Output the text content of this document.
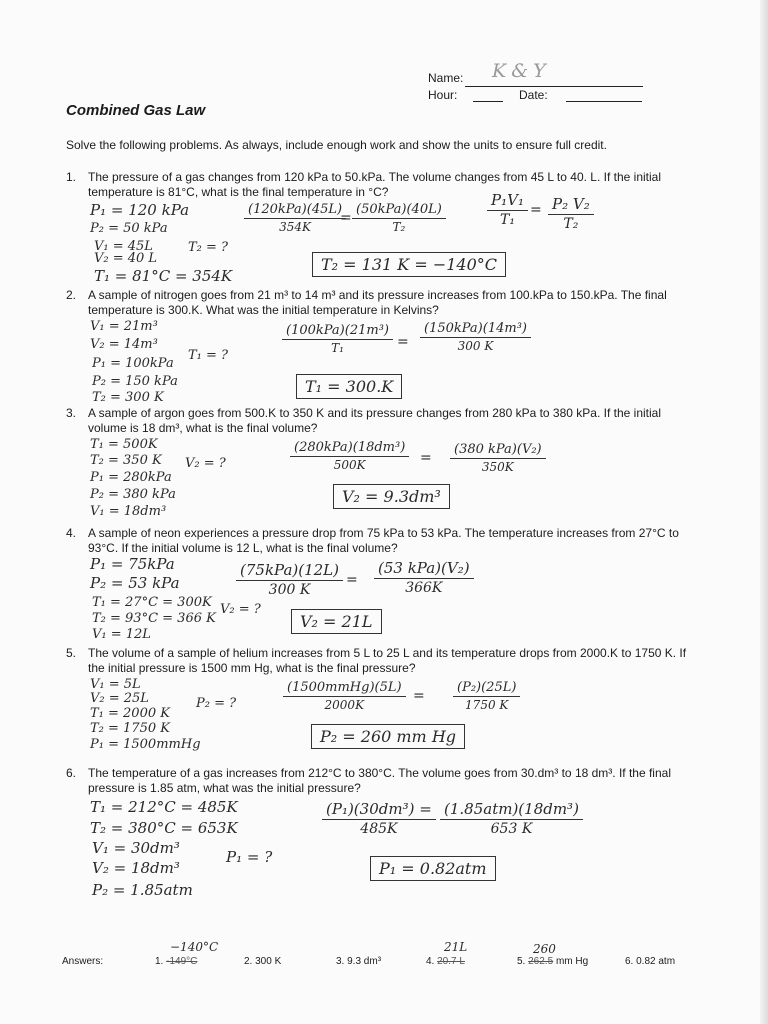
Name: K&Y
Hour:	Date:
Combined Gas Law
Solve the following problems. As always, include enough work and show the units to ensure full credit.
1. The pressure of a gas changes from 120 kPa to 50.kPa. The volume changes from 45 L to 40. L. If the initial temperature is 81°C, what is the final temperature in °C?
P₁ = 120 kPa
P₂ = 50 kPa
V₁ = 45L
V₂ = 40 L
T₁ = 81°C = 354K
T₂ = ?
(120kPa)(45L)
354K
=
(50kPa)(40L)
T₂	$\frac{\text{P₁V₁}}{\text{T₁}} = \frac{\text{P₂ V₂}}{\text{T₂}}$
T₂ = 131 K = −140°C
2. A sample of nitrogen goes from 21 m³ to 14 m³ and its pressure increases from 100.kPa to 150.kPa. The final temperature is 300.K. What was the initial temperature in Kelvins?
V₁ = 21m³
V₂ = 14m³
P₁ = 100kPa
P₂ = 150 kPa
T₂ = 300 K
T₁ = ?
(100kPa)(21m³)
T₁	=
(150kPa)(14m³)
300 K
T₁ = 300.K
3. A sample of argon goes from 500.K to 350 K and its pressure changes from 280 kPa to 380 kPa. If the initial volume is 18 dm³, what is the final volume?
T₁ = 500K
T₂ = 350 K
P₁ = 280kPa
P₂ = 380 kPa
V₁ = 18dm³
V₂ = ?
(280kPa)(18dm³)
500K	=
(380 kPa)(V₂)
350K
V₂ = 9.3dm³
4. A sample of neon experiences a pressure drop from 75 kPa to 53 kPa. The temperature increases from 27°C to 93°C. If the initial volume is 12 L, what is the final volume?
P₁ = 75kPa
P₂ = 53 kPa
T₁ = 27°C = 300K
T₂ = 93°C = 366 K
V₁ = 12L
V₂ = ?
(75kPa)(12L)
300 K
=
(53 kPa)(V₂)
366K
V₂ = 21L
5. The volume of a sample of helium increases from 5 L to 25 L and its temperature drops from 2000.K to 1750 K. If the initial pressure is 1500 mm Hg, what is the final pressure?
V₁ = 5L
V₂ = 25L
T₁ = 2000 K
T₂ = 1750 K
P₁ = 1500mmHg
P₂ = ?
(1500mmHg)(5L)
2000K
= $\frac{\text{(P₂)(25L)}}{1750 K}$
P₂ = 260 mm Hg
6. The temperature of a gas increases from 212°C to 380°C. The volume goes from 30.dm³ to 18 dm³. If the final pressure is 1.85 atm, what was the initial pressure?
T₁ = 212°C = 485K
T₂ = 380°C = 653K
V₁ = 30dm³
V₂ = 18dm³
P₂ = 1.85atm
P₁ = ?
$\frac{\text{(P₁)(30dm³) =}}{485K} (1.85atm)(18dm^3)$
653 K
P₁ = 0.82atm
Answers:
−140°C
1. -149°C	2. 300 K	3. 9.3 dm³
21L
4. 20.7 L
260
5. 262.5 mm Hg	6. 0.82 atm
